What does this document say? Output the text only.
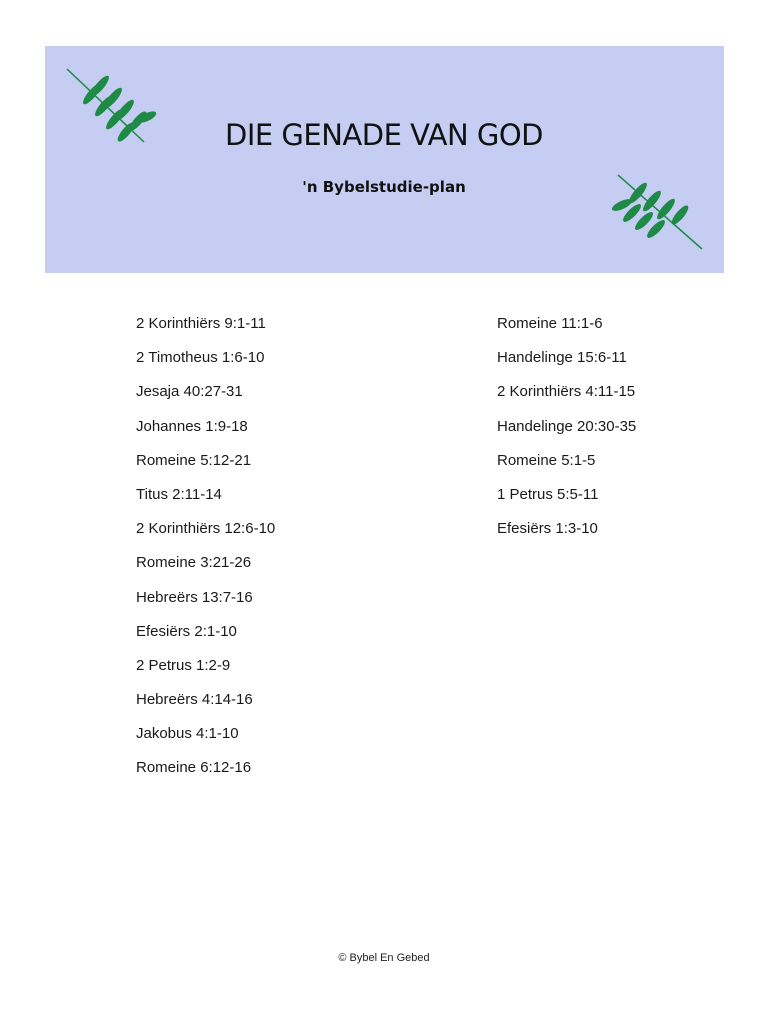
DIE GENADE VAN GOD
'n Bybelstudie-plan
2 Korinthiërs 9:1-11
2 Timotheus 1:6-10
Jesaja 40:27-31
Johannes 1:9-18
Romeine 5:12-21
Titus 2:11-14
2 Korinthiërs 12:6-10
Romeine 3:21-26
Hebreërs 13:7-16
Efesiërs 2:1-10
2 Petrus 1:2-9
Hebreërs 4:14-16
Jakobus 4:1-10
Romeine 6:12-16
Romeine 11:1-6
Handelinge 15:6-11
2 Korinthiërs 4:11-15
Handelinge 20:30-35
Romeine 5:1-5
1 Petrus 5:5-11
Efesiërs 1:3-10
© Bybel En Gebed
